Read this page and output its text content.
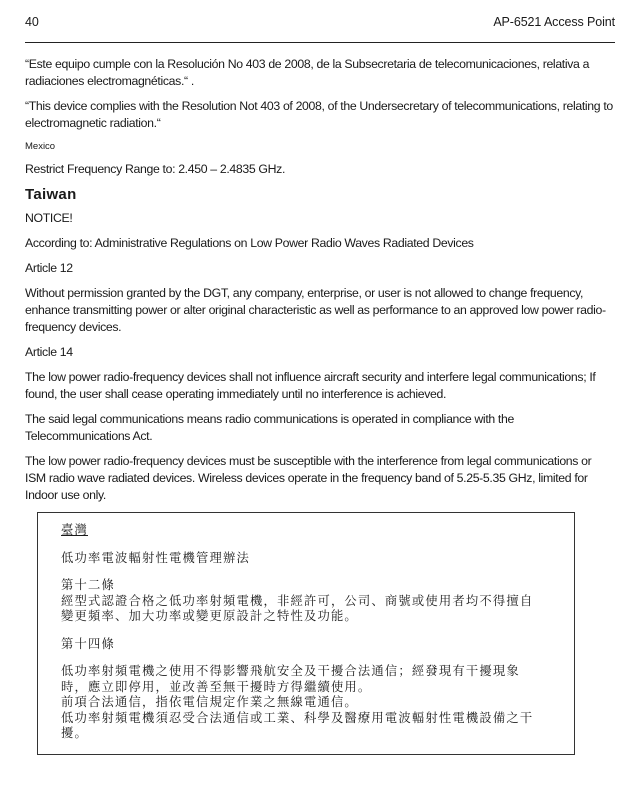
40	AP-6521 Access Point

“Este equipo cumple con la Resolución No 403 de 2008, de la Subsecretaria de telecomunicaciones, relativa a radiaciones electromagnéticas.“ .

“This device complies with the Resolution Not 403 of 2008, of the Undersecretary of telecommunications, relating to electromagnetic radiation.“

Mexico

Restrict Frequency Range to: 2.450 – 2.4835 GHz.

Taiwan

NOTICE!

According to: Administrative Regulations on Low Power Radio Waves Radiated Devices

Article 12

Without permission granted by the DGT, any company, enterprise, or user is not allowed to change frequency, enhance transmitting power or alter original characteristic as well as performance to an approved low power radio-frequency devices.

Article 14

The low power radio-frequency devices shall not influence aircraft security and interfere legal communications; If found, the user shall cease operating immediately until no interference is achieved.

The said legal communications means radio communications is operated in compliance with the Telecommunications Act.

The low power radio-frequency devices must be susceptible with the interference from legal communications or ISM radio wave radiated devices. Wireless devices operate in the frequency band of 5.25-5.35 GHz, limited for Indoor use only.

臺灣

低功率電波輻射性電機管理辦法

第十二條

經型式認證合格之低功率射頻電機，非經許可，公司、商號或使用者均不得擅自

變更頻率、加大功率或變更原設計之特性及功能。

第十四條

低功率射頻電機之使用不得影響飛航安全及干擾合法通信；經發現有干擾現象

時，應立即停用，並改善至無干擾時方得繼續使用。

前項合法通信，指依電信規定作業之無線電通信。

低功率射頻電機須忍受合法通信或工業、科學及醫療用電波輻射性電機設備之干

擾。
